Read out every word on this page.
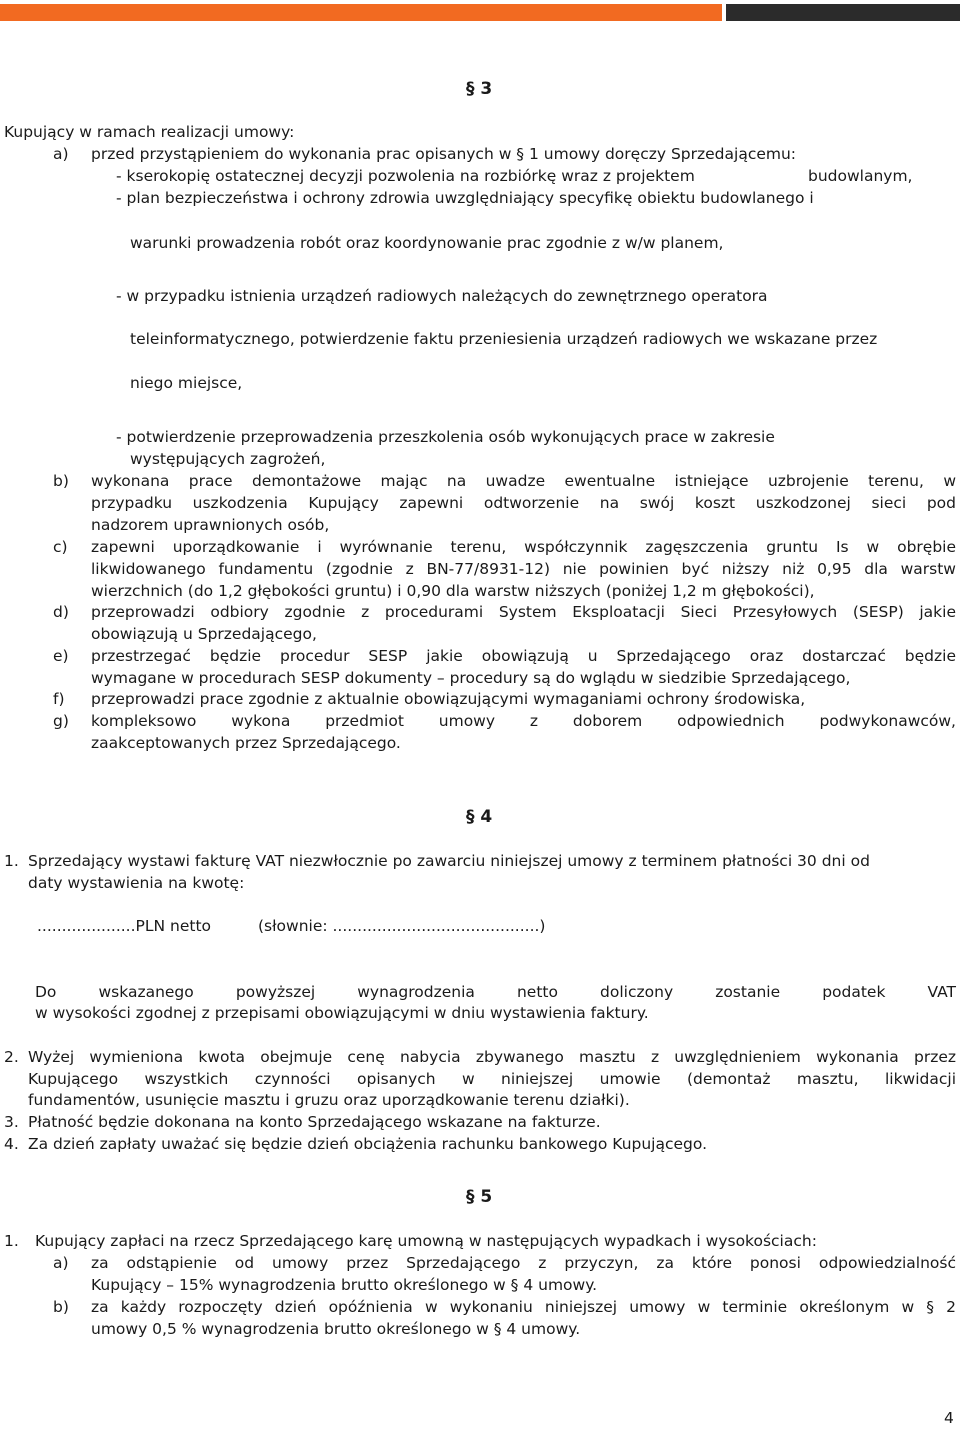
§ 3
Kupujący w ramach realizacji umowy:
a) przed przystąpieniem do wykonania prac opisanych w § 1 umowy doręczy Sprzedającemu:
- kserokopię ostatecznej decyzji pozwolenia na rozbiórkę wraz z projektem	budowlanym,
- plan bezpieczeństwa i ochrony zdrowia uwzględniający specyfikę obiektu budowlanego i
warunki prowadzenia robót oraz koordynowanie prac zgodnie z w/w planem,
- w przypadku istnienia urządzeń radiowych należących do zewnętrznego operatora
teleinformatycznego, potwierdzenie faktu przeniesienia urządzeń radiowych we wskazane przez
niego miejsce,
- potwierdzenie przeprowadzenia przeszkolenia osób wykonujących prace w zakresie
występujących zagrożeń,
b) wykonana prace demontażowe mając na uwadze ewentualne istniejące uzbrojenie terenu, w
przypadku uszkodzenia Kupujący zapewni odtworzenie na swój koszt uszkodzonej sieci pod
nadzorem uprawnionych osób,
c) zapewni uporządkowanie i wyrównanie terenu, współczynnik zagęszczenia gruntu Is w obrębie
likwidowanego fundamentu (zgodnie z BN-77/8931-12) nie powinien być niższy niż 0,95 dla warstw
wierzchnich (do 1,2 głębokości gruntu) i 0,90 dla warstw niższych (poniżej 1,2 m głębokości),
d) przeprowadzi odbiory zgodnie z procedurami System Eksploatacji Sieci Przesyłowych (SESP) jakie
obowiązują u Sprzedającego,
e) przestrzegać będzie procedur SESP jakie obowiązują u Sprzedającego oraz dostarczać będzie
wymagane w procedurach SESP dokumenty – procedury są do wglądu w siedzibie Sprzedającego,
f) przeprowadzi prace zgodnie z aktualnie obowiązującymi wymaganiami ochrony środowiska,
g) kompleksowo wykona przedmiot umowy z doborem odpowiednich podwykonawców,
zaakceptowanych przez Sprzedającego.
§ 4
1. Sprzedający wystawi fakturę VAT niezwłocznie po zawarciu niniejszej umowy z terminem płatności 30 dni od
daty wystawienia na kwotę:
....................PLN netto	(słownie: ..........................................)
Do wskazanego powyższej wynagrodzenia netto doliczony zostanie podatek VAT
w wysokości zgodnej z przepisami obowiązującymi w dniu wystawienia faktury.
2. Wyżej wymieniona kwota obejmuje cenę nabycia zbywanego masztu z uwzględnieniem wykonania przez
Kupującego wszystkich czynności opisanych w niniejszej umowie (demontaż masztu, likwidacji
fundamentów, usunięcie masztu i gruzu oraz uporządkowanie terenu działki).
3. Płatność będzie dokonana na konto Sprzedającego wskazane na fakturze.
4. Za dzień zapłaty uważać się będzie dzień obciążenia rachunku bankowego Kupującego.
§ 5
1. Kupujący zapłaci na rzecz Sprzedającego karę umowną w następujących wypadkach i wysokościach:
a) za odstąpienie od umowy przez Sprzedającego z przyczyn, za które ponosi odpowiedzialność
Kupujący – 15% wynagrodzenia brutto określonego w § 4 umowy.
b) za każdy rozpoczęty dzień opóźnienia w wykonaniu niniejszej umowy w terminie określonym w § 2
umowy 0,5 % wynagrodzenia brutto określonego w § 4 umowy.
4
